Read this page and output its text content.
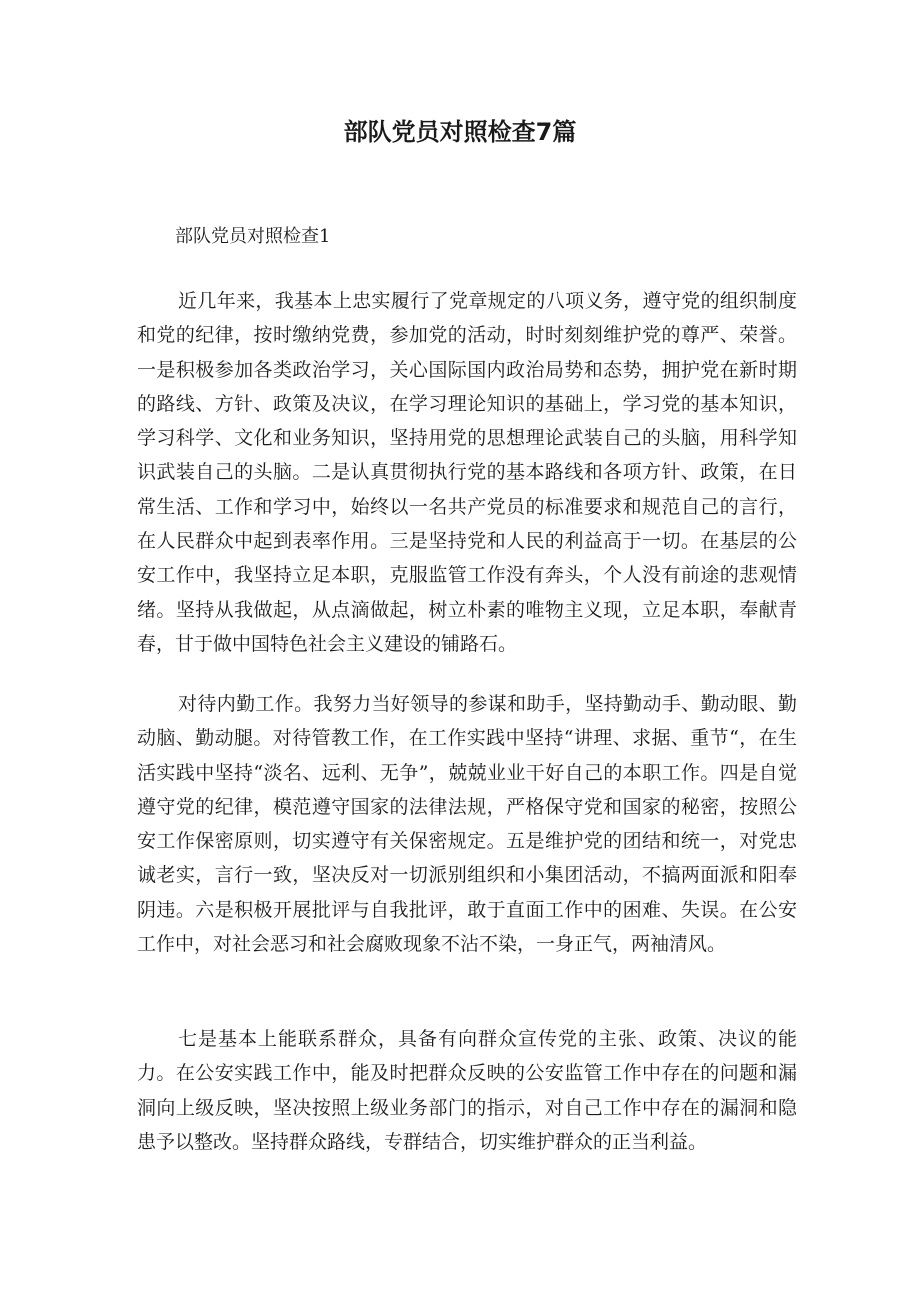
部队党员对照检查7篇

部队党员对照检查1

近几年来，我基本上忠实履行了党章规定的八项义务，遵守党的组织制度和党的纪律，按时缴纳党费，参加党的活动，时时刻刻维护党的尊严、荣誉。一是积极参加各类政治学习，关心国际国内政治局势和态势，拥护党在新时期的路线、方针、政策及决议，在学习理论知识的基础上，学习党的基本知识，学习科学、文化和业务知识，坚持用党的思想理论武装自己的头脑，用科学知识武装自己的头脑。二是认真贯彻执行党的基本路线和各项方针、政策，在日常生活、工作和学习中，始终以一名共产党员的标准要求和规范自己的言行，在人民群众中起到表率作用。三是坚持党和人民的利益高于一切。在基层的公安工作中，我坚持立足本职，克服监管工作没有奔头，个人没有前途的悲观情绪。坚持从我做起，从点滴做起，树立朴素的唯物主义现，立足本职，奉献青春，甘于做中国特色社会主义建设的铺路石。

对待内勤工作。我努力当好领导的参谋和助手，坚持勤动手、勤动眼、勤动脑、勤动腿。对待管教工作，在工作实践中坚持“讲理、求据、重节“，在生活实践中坚持“淡名、远利、无争”，兢兢业业干好自己的本职工作。四是自觉遵守党的纪律，模范遵守国家的法律法规，严格保守党和国家的秘密，按照公安工作保密原则，切实遵守有关保密规定。五是维护党的团结和统一，对党忠诚老实，言行一致，坚决反对一切派别组织和小集团活动，不搞两面派和阳奉阴违。六是积极开展批评与自我批评，敢于直面工作中的困难、失误。在公安工作中，对社会恶习和社会腐败现象不沾不染，一身正气，两袖清风。

七是基本上能联系群众，具备有向群众宣传党的主张、政策、决议的能力。在公安实践工作中，能及时把群众反映的公安监管工作中存在的问题和漏洞向上级反映，坚决按照上级业务部门的指示，对自己工作中存在的漏洞和隐患予以整改。坚持群众路线，专群结合，切实维护群众的正当利益。
